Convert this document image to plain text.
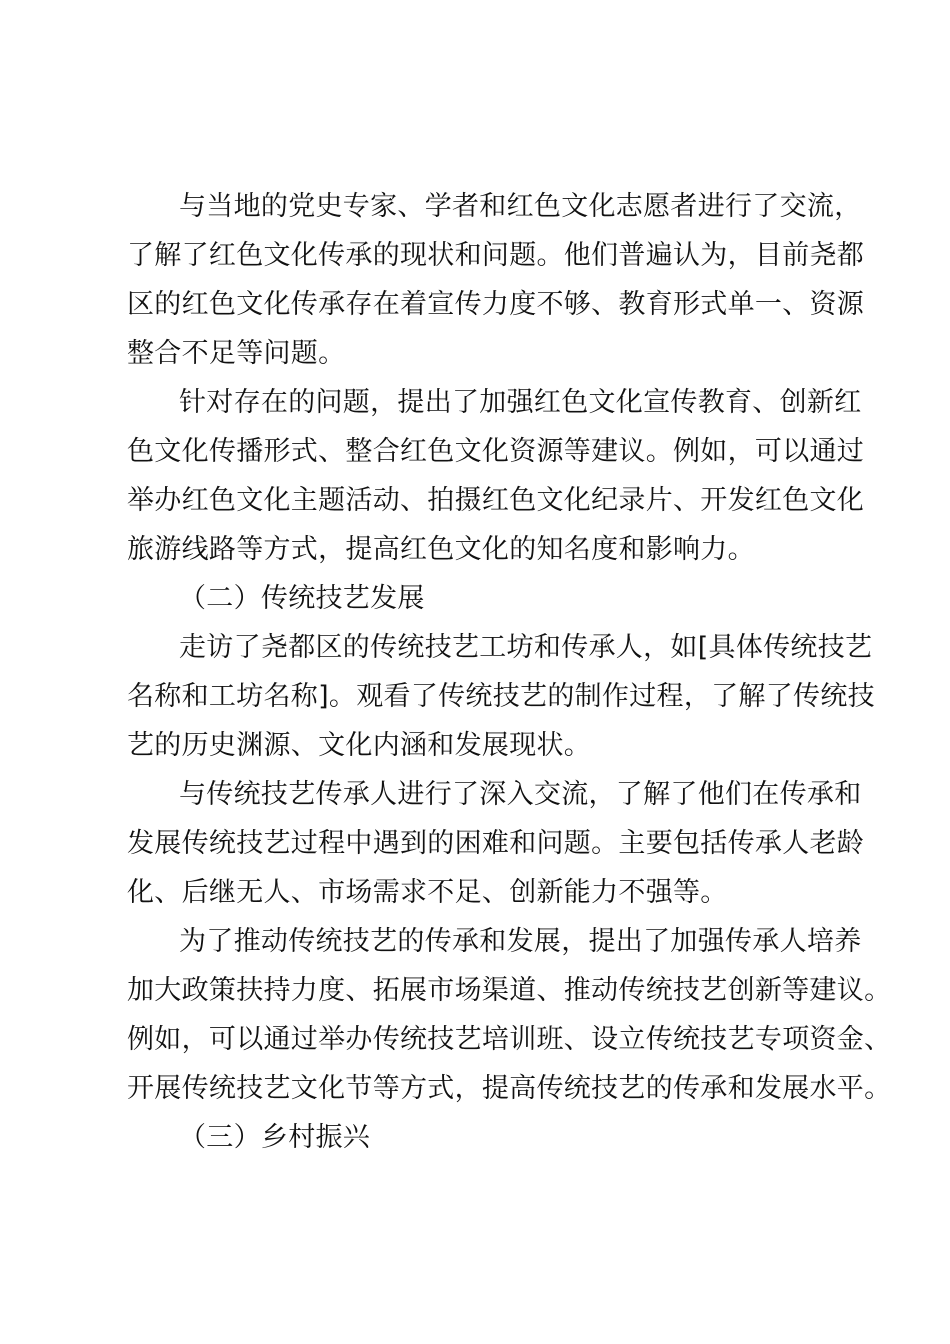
与当地的党史专家、学者和红色文化志愿者进行了交流，
了解了红色文化传承的现状和问题。他们普遍认为，目前尧都
区的红色文化传承存在着宣传力度不够、教育形式单一、资源
整合不足等问题。
针对存在的问题，提出了加强红色文化宣传教育、创新红
色文化传播形式、整合红色文化资源等建议。例如，可以通过
举办红色文化主题活动、拍摄红色文化纪录片、开发红色文化
旅游线路等方式，提高红色文化的知名度和影响力。
（二）传统技艺发展
走访了尧都区的传统技艺工坊和传承人，如[具体传统技艺
名称和工坊名称]。观看了传统技艺的制作过程，了解了传统技
艺的历史渊源、文化内涵和发展现状。
与传统技艺传承人进行了深入交流，了解了他们在传承和
发展传统技艺过程中遇到的困难和问题。主要包括传承人老龄
化、后继无人、市场需求不足、创新能力不强等。
为了推动传统技艺的传承和发展，提出了加强传承人培养
加大政策扶持力度、拓展市场渠道、推动传统技艺创新等建议。
例如，可以通过举办传统技艺培训班、设立传统技艺专项资金、
开展传统技艺文化节等方式，提高传统技艺的传承和发展水平。
（三）乡村振兴
